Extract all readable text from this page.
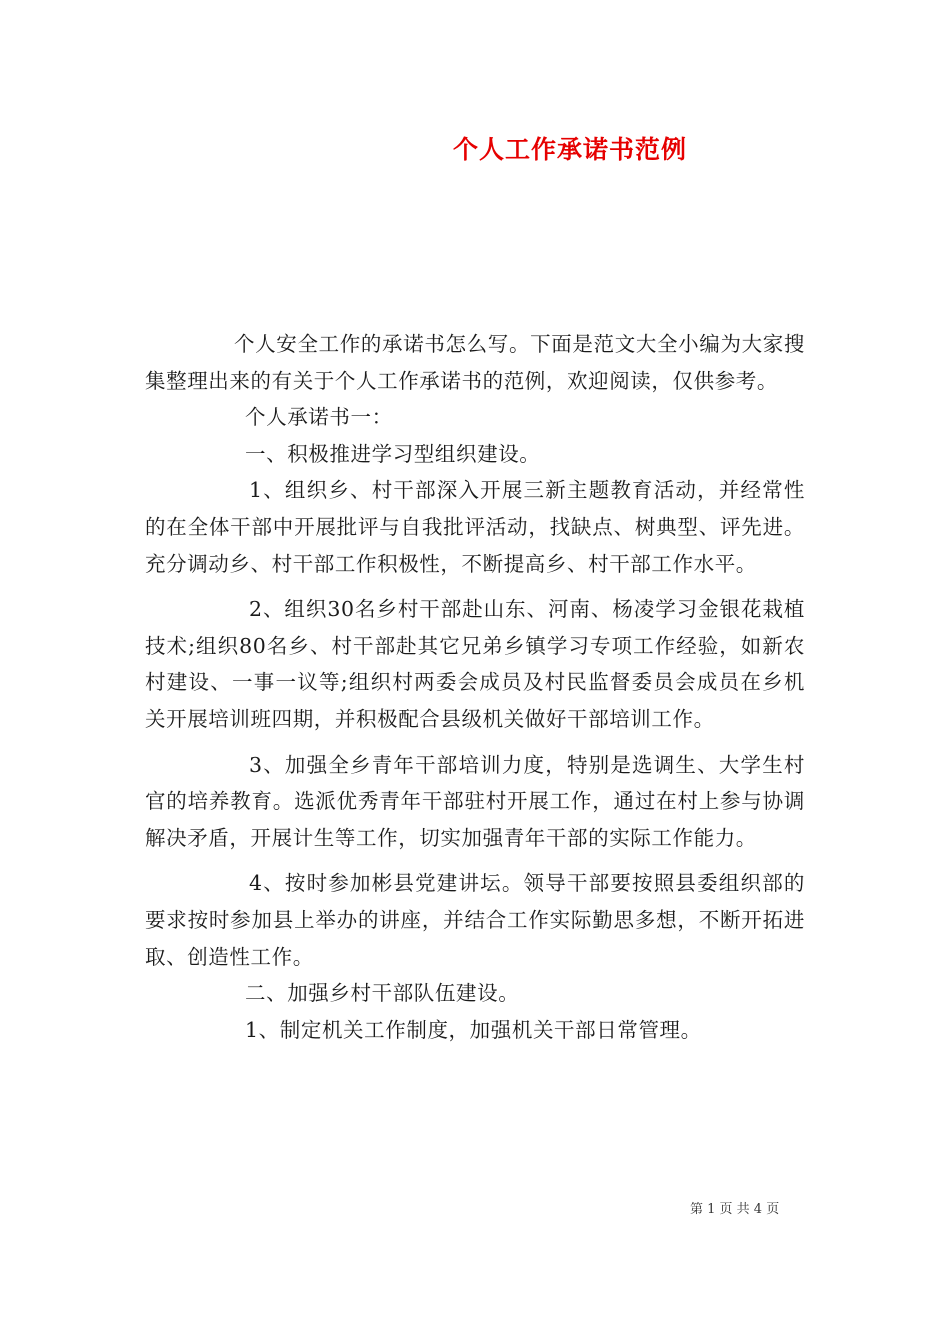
个人工作承诺书范例

个人安全工作的承诺书怎么写。下面是范文大全小编为大家搜集整理出来的有关于个人工作承诺书的范例，欢迎阅读，仅供参考。

个人承诺书一：

一、积极推进学习型组织建设。

1、组织乡、村干部深入开展三新主题教育活动，并经常性的在全体干部中开展批评与自我批评活动，找缺点、树典型、评先进。充分调动乡、村干部工作积极性，不断提高乡、村干部工作水平。

2、组织30名乡村干部赴山东、河南、杨凌学习金银花栽植技术;组织80名乡、村干部赴其它兄弟乡镇学习专项工作经验，如新农村建设、一事一议等;组织村两委会成员及村民监督委员会成员在乡机关开展培训班四期，并积极配合县级机关做好干部培训工作。

3、加强全乡青年干部培训力度，特别是选调生、大学生村官的培养教育。选派优秀青年干部驻村开展工作，通过在村上参与协调解决矛盾，开展计生等工作，切实加强青年干部的实际工作能力。

4、按时参加彬县党建讲坛。领导干部要按照县委组织部的要求按时参加县上举办的讲座，并结合工作实际勤思多想，不断开拓进取、创造性工作。

二、加强乡村干部队伍建设。

1、制定机关工作制度，加强机关干部日常管理。

第 1 页 共 4 页
